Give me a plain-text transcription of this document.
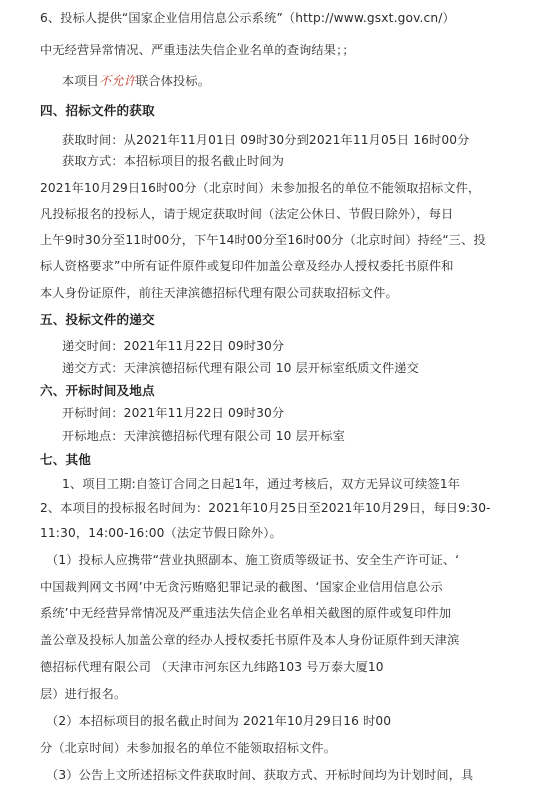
6、投标人提供“国家企业信用信息公示系统”（http://www.gsxt.gov.cn/）
中无经营异常情况、严重违法失信企业名单的查询结果；；
本项目不允许联合体投标。
四、招标文件的获取
获取时间：从2021年11月01日 09时30分到2021年11月05日 16时00分
获取方式：本招标项目的报名截止时间为
2021年10月29日16时00分（北京时间）未参加报名的单位不能领取招标文件，
凡投标报名的投标人，请于规定获取时间（法定公休日、节假日除外），每日
上午9时30分至11时00分，下午14时00分至16时00分（北京时间）持经“三、投
标人资格要求”中所有证件原件或复印件加盖公章及经办人授权委托书原件和
本人身份证原件，前往天津滨德招标代理有限公司获取招标文件。
五、投标文件的递交
递交时间：2021年11月22日 09时30分
递交方式：天津滨德招标代理有限公司 10 层开标室纸质文件递交
六、开标时间及地点
开标时间：2021年11月22日 09时30分
开标地点：天津滨德招标代理有限公司 10 层开标室
七、其他
1、项目工期:自签订合同之日起1年，通过考核后，双方无异议可续签1年
2、本项目的投标报名时间为：2021年10月25日至2021年10月29日，每日9:30-
11:30，14:00-16:00（法定节假日除外）。
（1）投标人应携带“营业执照副本、施工资质等级证书、安全生产许可证、‘
中国裁判网文书网’中无贪污贿赂犯罪记录的截图、‘国家企业信用信息公示
系统’中无经营异常情况及严重违法失信企业名单相关截图的原件或复印件加
盖公章及投标人加盖公章的经办人授权委托书原件及本人身份证原件到天津滨
德招标代理有限公司 （天津市河东区九纬路103 号万泰大厦10
层）进行报名。
（2）本招标项目的报名截止时间为 2021年10月29日16 时00
分（北京时间）未参加报名的单位不能领取招标文件。
（3）公告上文所述招标文件获取时间、获取方式、开标时间均为计划时间，具
